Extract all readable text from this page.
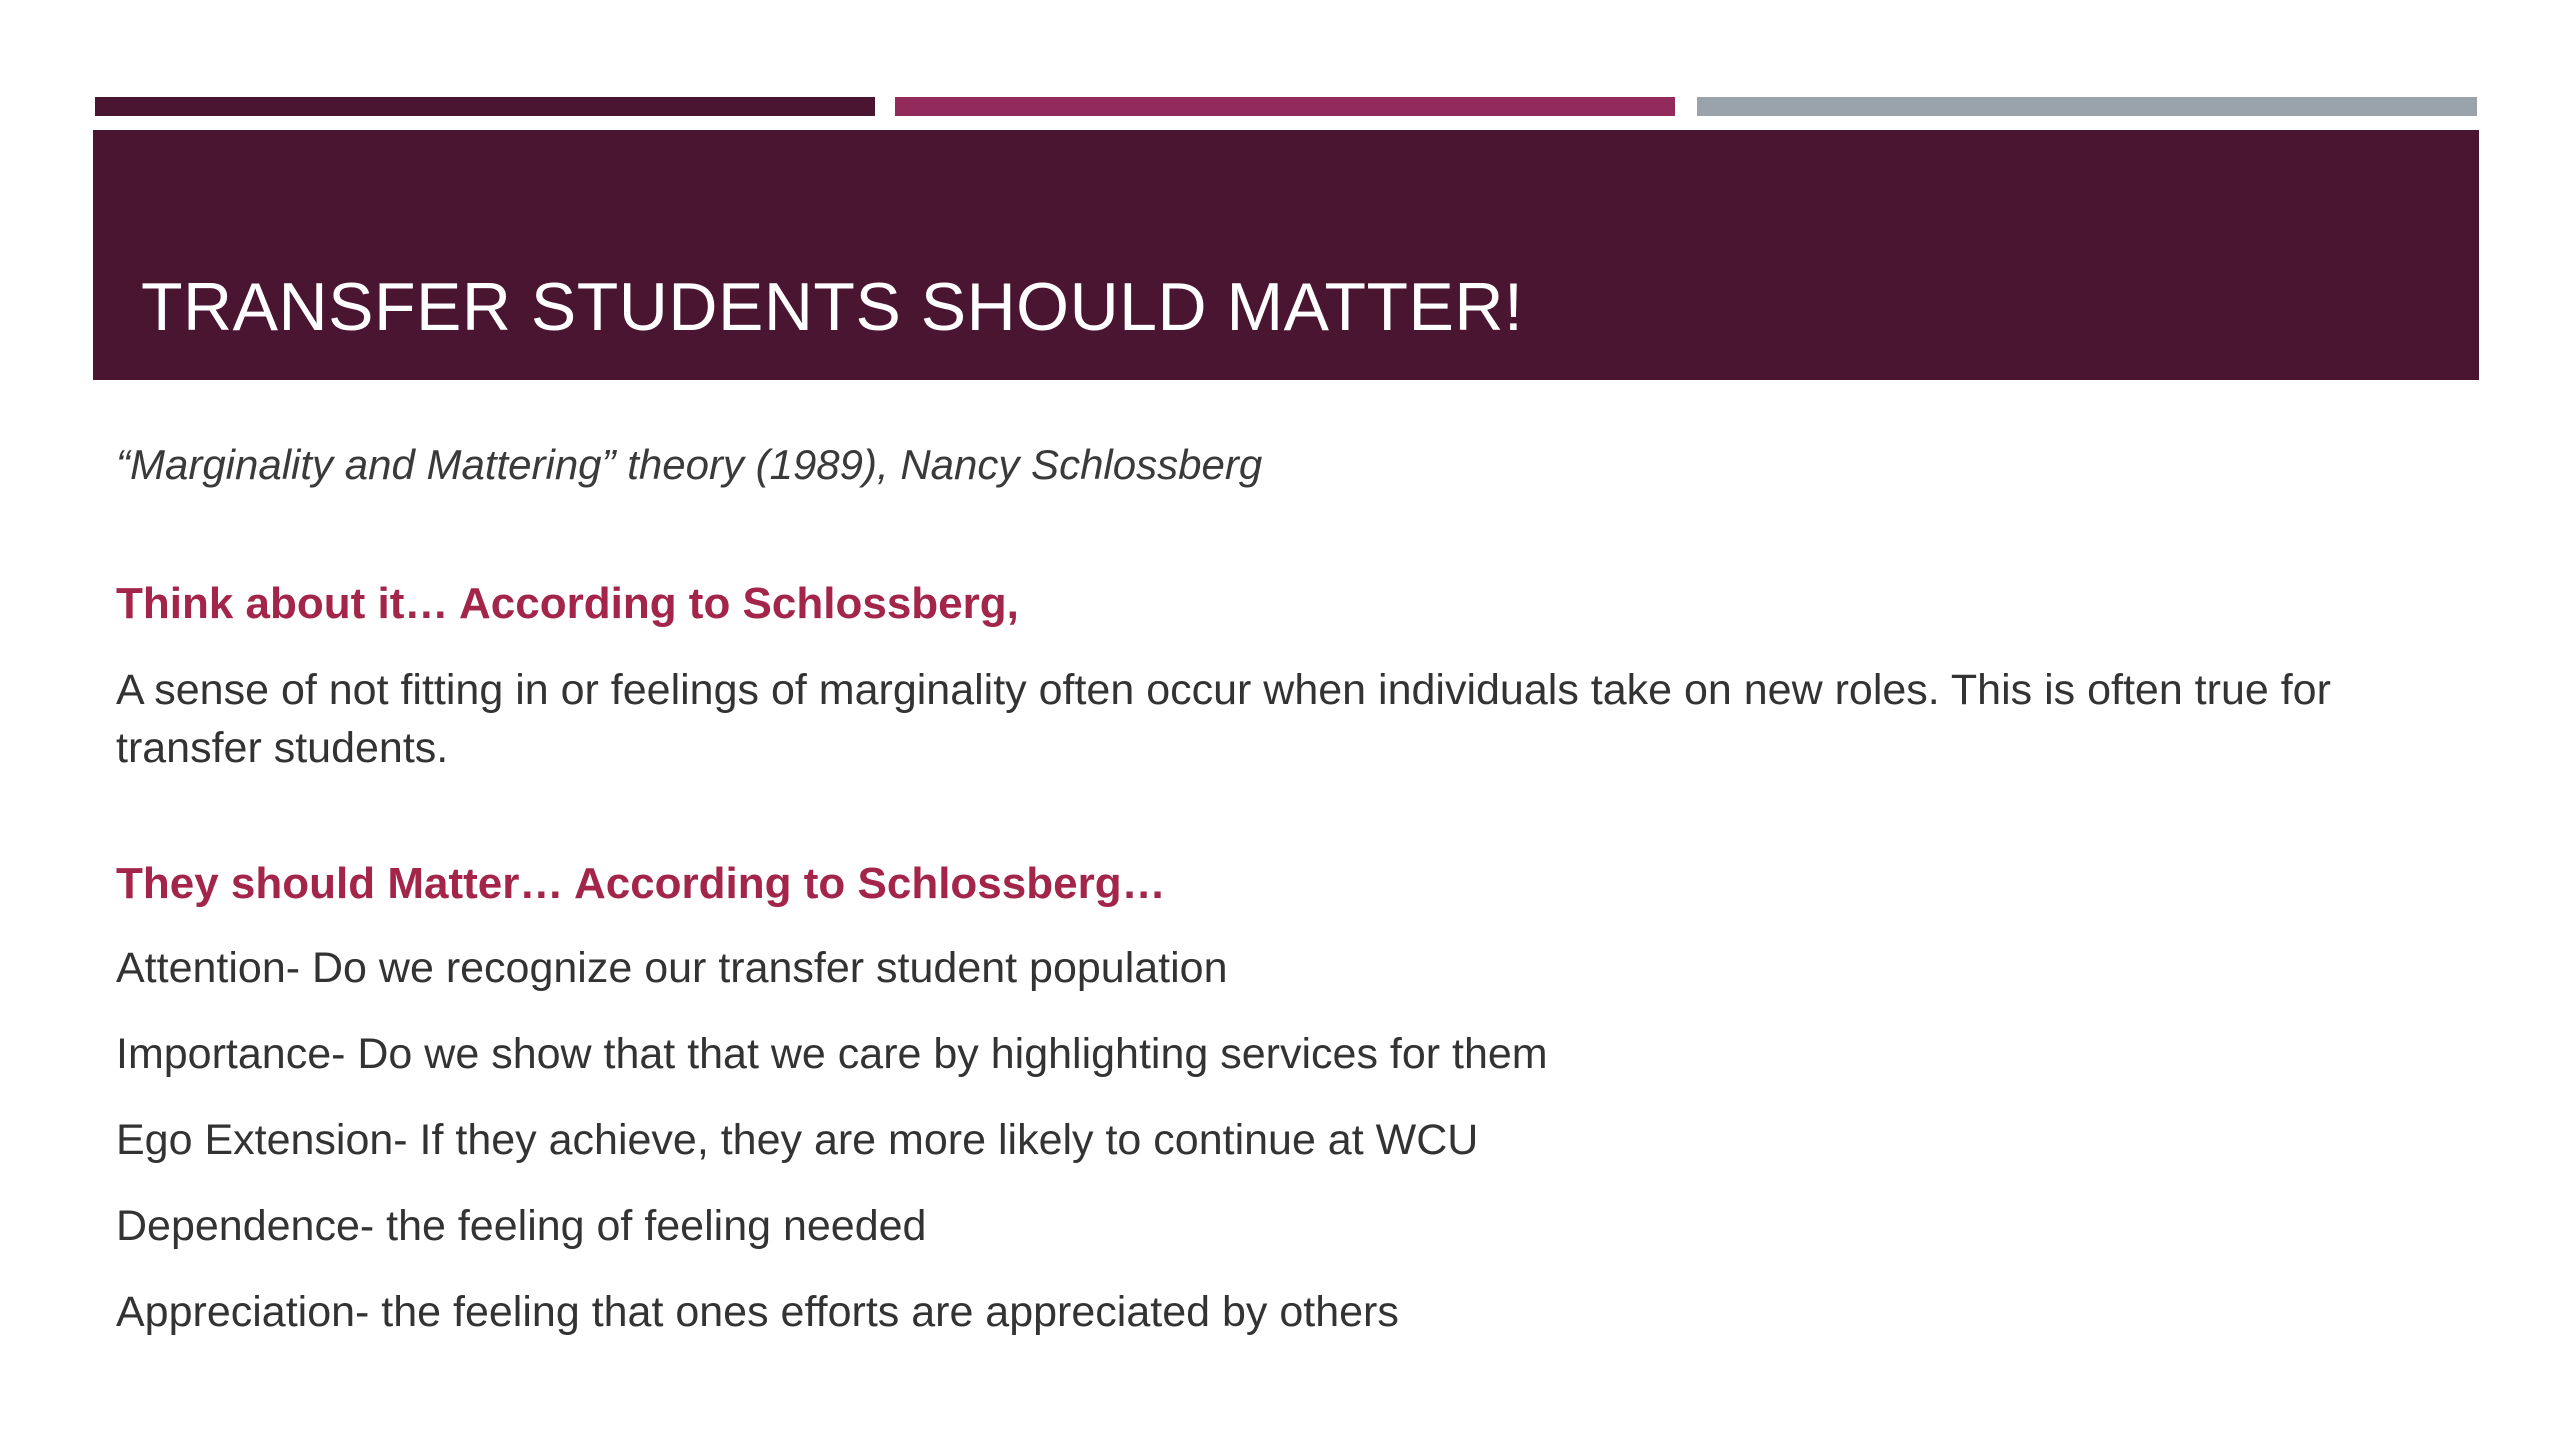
TRANSFER STUDENTS SHOULD MATTER!

“Marginality and Mattering” theory (1989), Nancy Schlossberg

Think about it… According to Schlossberg,

A sense of not fitting in or feelings of marginality often occur when individuals take on new roles. This is often true for transfer students.

They should Matter… According to Schlossberg…

Attention- Do we recognize our transfer student population

Importance- Do we show that that we care by highlighting services for them

Ego Extension- If they achieve, they are more likely to continue at WCU

Dependence- the feeling of feeling needed

Appreciation- the feeling that ones efforts are appreciated by others
